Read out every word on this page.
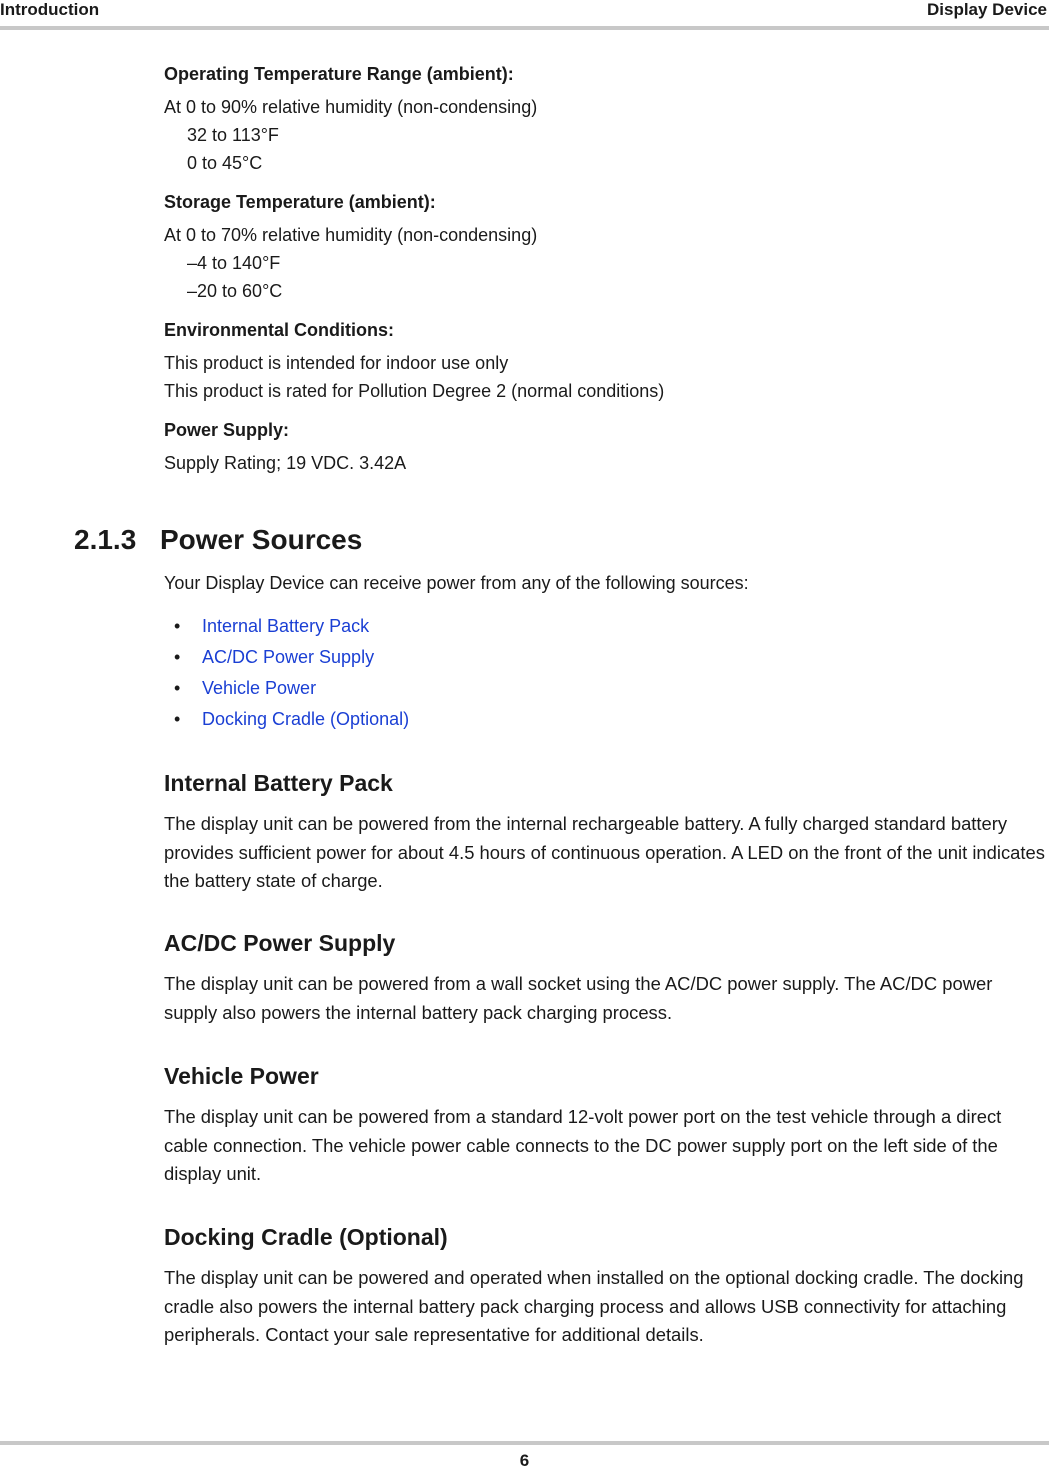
Introduction	Display Device

Operating Temperature Range (ambient):

At 0 to 90% relative humidity (non-condensing)

32 to 113°F

0 to 45°C

Storage Temperature (ambient):

At 0 to 70% relative humidity (non-condensing)

–4 to 140°F

–20 to 60°C

Environmental Conditions:

This product is intended for indoor use only

This product is rated for Pollution Degree 2 (normal conditions)

Power Supply:

Supply Rating; 19 VDC. 3.42A

2.1.3 Power Sources

Your Display Device can receive power from any of the following sources:

• Internal Battery Pack
• AC/DC Power Supply
• Vehicle Power
• Docking Cradle (Optional)
Internal Battery Pack

The display unit can be powered from the internal rechargeable battery. A fully charged standard battery provides sufficient power for about 4.5 hours of continuous operation. A LED on the front of the unit indicates the battery state of charge.

AC/DC Power Supply

The display unit can be powered from a wall socket using the AC/DC power supply. The AC/DC power supply also powers the internal battery pack charging process.

Vehicle Power

The display unit can be powered from a standard 12-volt power port on the test vehicle through a direct cable connection. The vehicle power cable connects to the DC power supply port on the left side of the display unit.

Docking Cradle (Optional)

The display unit can be powered and operated when installed on the optional docking cradle. The docking cradle also powers the internal battery pack charging process and allows USB connectivity for attaching peripherals. Contact your sale representative for additional details.

6
